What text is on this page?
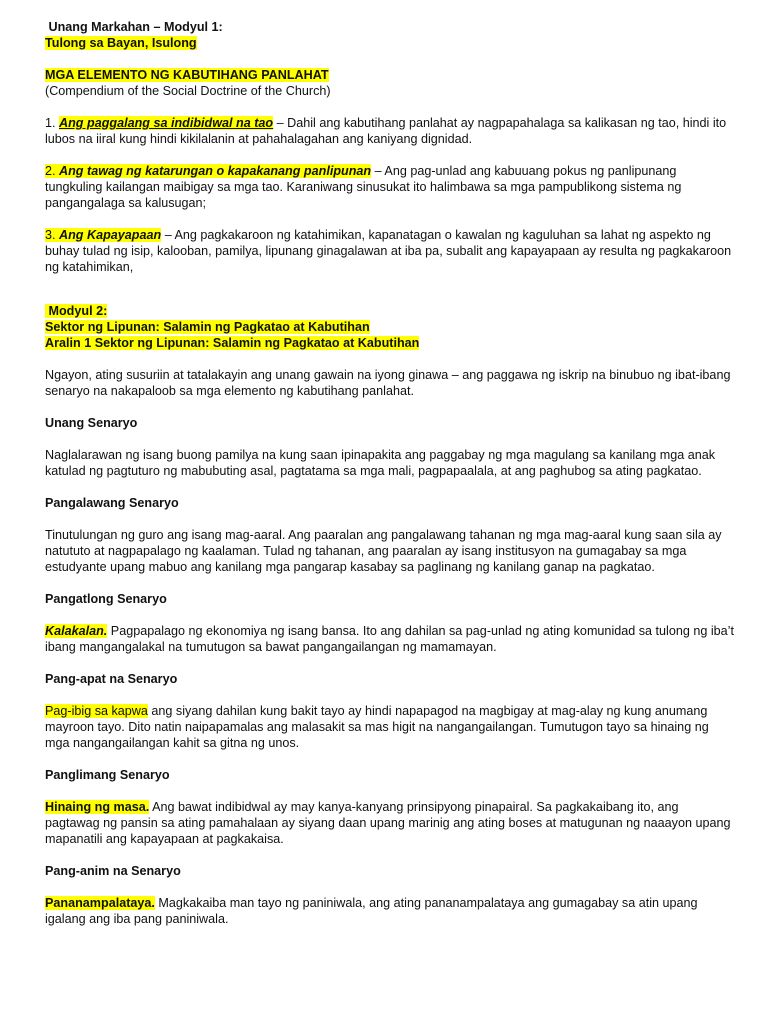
Unang Markahan – Modyul 1:

Tulong sa Bayan, Isulong

MGA ELEMENTO NG KABUTIHANG PANLAHAT

(Compendium of the Social Doctrine of the Church)

1. Ang paggalang sa indibidwal na tao – Dahil ang kabutihang panlahat ay nagpapahalaga sa kalikasan ng tao, hindi ito lubos na iiral kung hindi kikilalanin at pahahalagahan ang kaniyang dignidad.

2. Ang tawag ng katarungan o kapakanang panlipunan – Ang pag-unlad ang kabuuang pokus ng panlipunang tungkuling kailangan maibigay sa mga tao. Karaniwang sinusukat ito halimbawa sa mga pampublikong sistema ng pangangalaga sa kalusugan;

3. Ang Kapayapaan – Ang pagkakaroon ng katahimikan, kapanatagan o kawalan ng kaguluhan sa lahat ng aspekto ng buhay tulad ng isip, kalooban, pamilya, lipunang ginagalawan at iba pa, subalit ang kapayapaan ay resulta ng pagkakaroon ng katahimikan,

Modyul 2:

Sektor ng Lipunan: Salamin ng Pagkatao at Kabutihan

Aralin 1 Sektor ng Lipunan: Salamin ng Pagkatao at Kabutihan

Ngayon, ating susuriin at tatalakayin ang unang gawain na iyong ginawa – ang paggawa ng iskrip na binubuo ng ibat-ibang senaryo na nakapaloob sa mga elemento ng kabutihang panlahat.

Unang Senaryo

Naglalarawan ng isang buong pamilya na kung saan ipinapakita ang paggabay ng mga magulang sa kanilang mga anak katulad ng pagtuturo ng mabubuting asal, pagtatama sa mga mali, pagpapaalala, at ang paghubog sa ating pagkatao.

Pangalawang Senaryo

Tinutulungan ng guro ang isang mag-aaral. Ang paaralan ang pangalawang tahanan ng mga mag-aaral kung saan sila ay natututo at nagpapalago ng kaalaman. Tulad ng tahanan, ang paaralan ay isang institusyon na gumagabay sa mga estudyante upang mabuo ang kanilang mga pangarap kasabay sa paglinang ng kanilang ganap na pagkatao.

Pangatlong Senaryo

Kalakalan. Pagpapalago ng ekonomiya ng isang bansa. Ito ang dahilan sa pag-unlad ng ating komunidad sa tulong ng iba’t ibang mangangalakal na tumutugon sa bawat pangangailangan ng mamamayan.

Pang-apat na Senaryo

Pag-ibig sa kapwa ang siyang dahilan kung bakit tayo ay hindi napapagod na magbigay at mag-alay ng kung anumang mayroon tayo. Dito natin naipapamalas ang malasakit sa mas higit na nangangailangan. Tumutugon tayo sa hinaing ng mga nangangailangan kahit sa gitna ng unos.

Panglimang Senaryo

Hinaing ng masa. Ang bawat indibidwal ay may kanya-kanyang prinsipyong pinapairal. Sa pagkakaibang ito, ang pagtawag ng pansin sa ating pamahalaan ay siyang daan upang marinig ang ating boses at matugunan ng naaayon upang mapanatili ang kapayapaan at pagkakaisa.

Pang-anim na Senaryo

Pananampalataya. Magkakaiba man tayo ng paniniwala, ang ating pananampalataya ang gumagabay sa atin upang igalang ang iba pang paniniwala.
